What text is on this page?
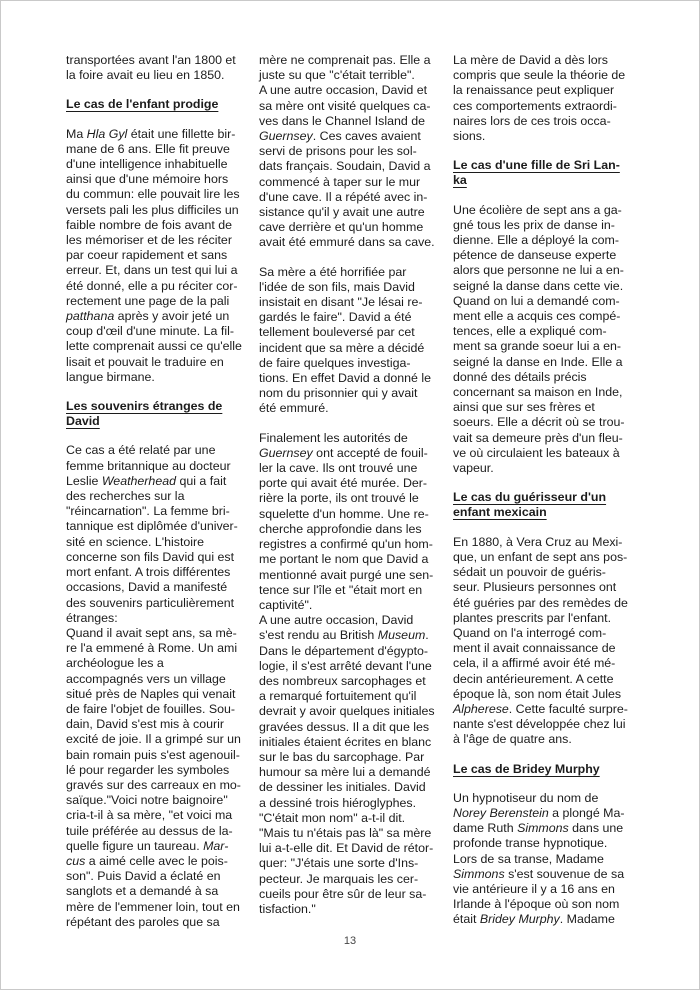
transportées avant l'an 1800 et
la foire avait eu lieu en 1850.
Le cas de l'enfant prodige
Ma Hla Gyl était une fillette bir-
mane de 6 ans. Elle fit preuve
d'une intelligence inhabituelle
ainsi que d'une mémoire hors
du commun: elle pouvait lire les
versets pali les plus difficiles un
faible nombre de fois avant de
les mémoriser et de les réciter
par coeur rapidement et sans
erreur. Et, dans un test qui lui a
été donné, elle a pu réciter cor-
rectement une page de la pali
patthana après y avoir jeté un
coup d'œil d'une minute. La fil-
lette comprenait aussi ce qu'elle
lisait et pouvait le traduire en
langue birmane.
Les souvenirs étranges de
David
Ce cas a été relaté par une
femme britannique au docteur
Leslie Weatherhead qui a fait
des recherches sur la
"réincarnation". La femme bri-
tannique est diplômée d'univer-
sité en science. L'histoire
concerne son fils David qui est
mort enfant. A trois différentes
occasions, David a manifesté
des souvenirs particulièrement
étranges:
Quand il avait sept ans, sa mè-
re l'a emmené à Rome. Un ami
archéologue les a
accompagnés vers un village
situé près de Naples qui venait
de faire l'objet de fouilles. Sou-
dain, David s'est mis à courir
excité de joie. Il a grimpé sur un
bain romain puis s'est agenouil-
lé pour regarder les symboles
gravés sur des carreaux en mo-
saïque."Voici notre baignoire"
cria-t-il à sa mère, "et voici ma
tuile préférée au dessus de la-
quelle figure un taureau. Mar-
cus a aimé celle avec le pois-
son". Puis David a éclaté en
sanglots et a demandé à sa
mère de l'emmener loin, tout en
répétant des paroles que sa
mère ne comprenait pas. Elle a
juste su que "c'était terrible".
A une autre occasion, David et
sa mère ont visité quelques ca-
ves dans le Channel Island de
Guernsey. Ces caves avaient
servi de prisons pour les sol-
dats français. Soudain, David a
commencé à taper sur le mur
d'une cave. Il a répété avec in-
sistance qu'il y avait une autre
cave derrière et qu'un homme
avait été emmuré dans sa cave.
Sa mère a été horrifiée par
l'idée de son fils, mais David
insistait en disant "Je lésai re-
gardés le faire". David a été
tellement bouleversé par cet
incident que sa mère a décidé
de faire quelques investiga-
tions. En effet David a donné le
nom du prisonnier qui y avait
été emmuré.
Finalement les autorités de
Guernsey ont accepté de fouil-
ler la cave. Ils ont trouvé une
porte qui avait été murée. Der-
rière la porte, ils ont trouvé le
squelette d'un homme. Une re-
cherche approfondie dans les
registres a confirmé qu'un hom-
me portant le nom que David a
mentionné avait purgé une sen-
tence sur l'île et "était mort en
captivité".
A une autre occasion, David
s'est rendu au British Museum.
Dans le département d'égypto-
logie, il s'est arrêté devant l'une
des nombreux sarcophages et
a remarqué fortuitement qu'il
devrait y avoir quelques initiales
gravées dessus. Il a dit que les
initiales étaient écrites en blanc
sur le bas du sarcophage. Par
humour sa mère lui a demandé
de dessiner les initiales. David
a dessiné trois hiéroglyphes.
"C'était mon nom" a-t-il dit.
"Mais tu n'étais pas là" sa mère
lui a-t-elle dit. Et David de rétor-
quer: "J'étais une sorte d'Ins-
pecteur. Je marquais les cer-
cueils pour être sûr de leur sa-
tisfaction."
La mère de David a dès lors
compris que seule la théorie de
la renaissance peut expliquer
ces comportements extraordi-
naires lors de ces trois occa-
sions.
Le cas d'une fille de Sri Lan-
ka
Une écolière de sept ans a ga-
gné tous les prix de danse in-
dienne. Elle a déployé la com-
pétence de danseuse experte
alors que personne ne lui a en-
seigné la danse dans cette vie.
Quand on lui a demandé com-
ment elle a acquis ces compé-
tences, elle a expliqué com-
ment sa grande soeur lui a en-
seigné la danse en Inde. Elle a
donné des détails précis
concernant sa maison en Inde,
ainsi que sur ses frères et
soeurs. Elle a décrit où se trou-
vait sa demeure près d'un fleu-
ve où circulaient les bateaux à
vapeur.
Le cas du guérisseur d'un
enfant mexicain
En 1880, à Vera Cruz au Mexi-
que, un enfant de sept ans pos-
sédait un pouvoir de guéris-
seur. Plusieurs personnes ont
été guéries par des remèdes de
plantes prescrits par l'enfant.
Quand on l'a interrogé com-
ment il avait connaissance de
cela, il a affirmé avoir été mé-
decin antérieurement. A cette
époque là, son nom était Jules
Alpherese. Cette faculté surpre-
nante s'est développée chez lui
à l'âge de quatre ans.
Le cas de Bridey Murphy
Un hypnotiseur du nom de
Norey Berenstein a plongé Ma-
dame Ruth Simmons dans une
profonde transe hypnotique.
Lors de sa transe, Madame
Simmons s'est souvenue de sa
vie antérieure il y a 16 ans en
Irlande à l'époque où son nom
était Bridey Murphy. Madame
13
